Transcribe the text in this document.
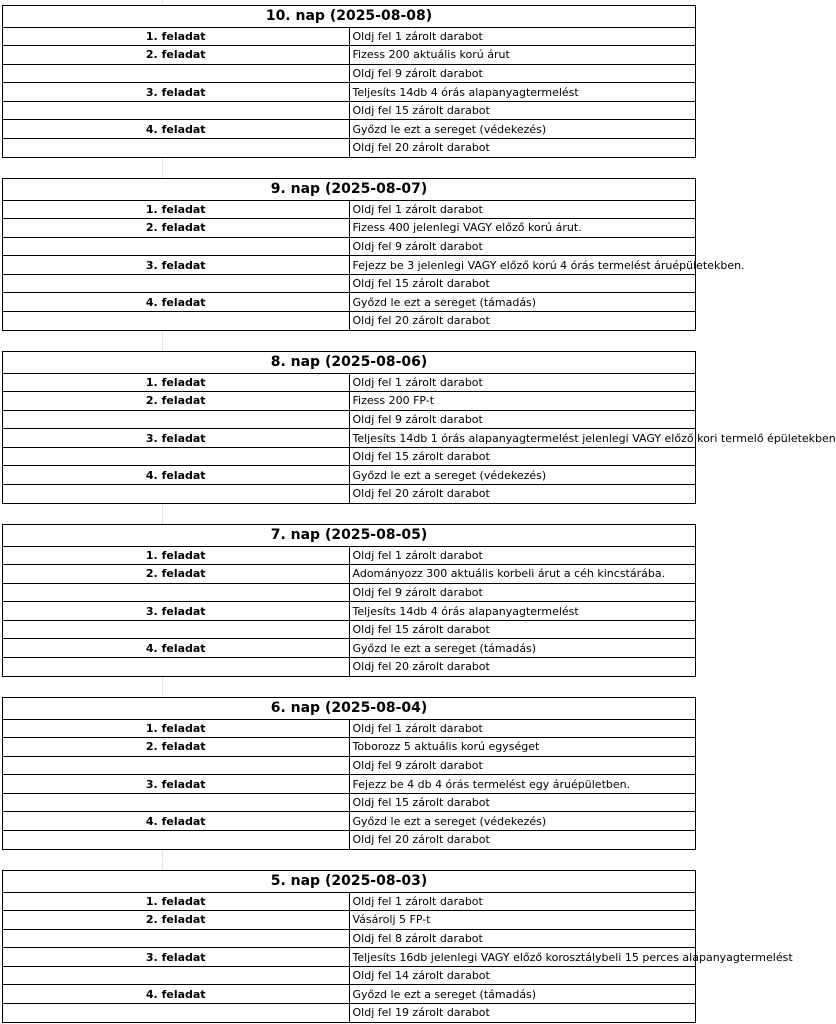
10. nap (2025-08-08)	
1. feladat	Oldj fel 1 zárolt darabot
2. feladat	Fizess 200 aktuális korú árut
	Oldj fel 9 zárolt darabot
3. feladat	Teljesíts 14db 4 órás alapanyagtermelést
	Oldj fel 15 zárolt darabot
4. feladat	Győzd le ezt a sereget (védekezés)
	Oldj fel 20 zárolt darabot
9. nap (2025-08-07)	
1. feladat	Oldj fel 1 zárolt darabot
2. feladat	Fizess 400 jelenlegi VAGY előző korú árut.
	Oldj fel 9 zárolt darabot
3. feladat	Fejezz be 3 jelenlegi VAGY előző korú 4 órás termelést áruépületekben.
	Oldj fel 15 zárolt darabot
4. feladat	Győzd le ezt a sereget (támadás)
	Oldj fel 20 zárolt darabot
8. nap (2025-08-06)	
1. feladat	Oldj fel 1 zárolt darabot
2. feladat	Fizess 200 FP-t
	Oldj fel 9 zárolt darabot
3. feladat	Teljesíts 14db 1 órás alapanyagtermelést jelenlegi VAGY előző kori termelő épületekben
	Oldj fel 15 zárolt darabot
4. feladat	Győzd le ezt a sereget (védekezés)
	Oldj fel 20 zárolt darabot
7. nap (2025-08-05)	
1. feladat	Oldj fel 1 zárolt darabot
2. feladat	Adományozz 300 aktuális korbeli árut a céh kincstárába.
	Oldj fel 9 zárolt darabot
3. feladat	Teljesíts 14db 4 órás alapanyagtermelést
	Oldj fel 15 zárolt darabot
4. feladat	Győzd le ezt a sereget (támadás)
	Oldj fel 20 zárolt darabot
6. nap (2025-08-04)	
1. feladat	Oldj fel 1 zárolt darabot
2. feladat	Toborozz 5 aktuális korú egységet
	Oldj fel 9 zárolt darabot
3. feladat	Fejezz be 4 db 4 órás termelést egy áruépületben.
	Oldj fel 15 zárolt darabot
4. feladat	Győzd le ezt a sereget (védekezés)
	Oldj fel 20 zárolt darabot
5. nap (2025-08-03)	
1. feladat	Oldj fel 1 zárolt darabot
2. feladat	Vásárolj 5 FP-t
	Oldj fel 8 zárolt darabot
3. feladat	Teljesíts 16db jelenlegi VAGY előző korosztálybeli 15 perces alapanyagtermelést
	Oldj fel 14 zárolt darabot
4. feladat	Győzd le ezt a sereget (támadás)
	Oldj fel 19 zárolt darabot
